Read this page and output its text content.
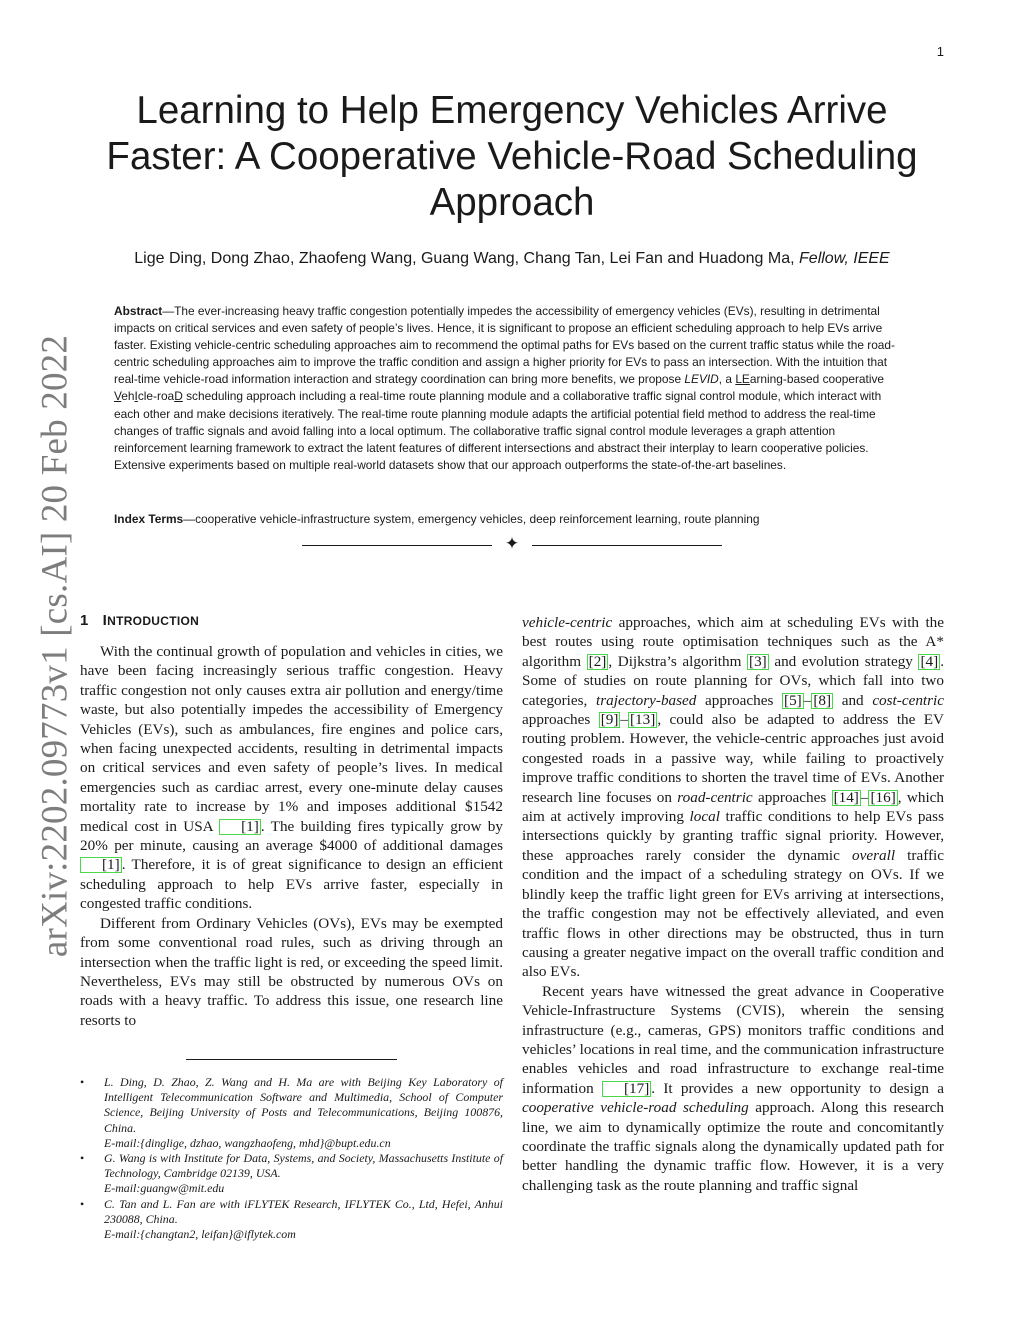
1
arXiv:2202.09773v1 [cs.AI] 20 Feb 2022
Learning to Help Emergency Vehicles Arrive Faster: A Cooperative Vehicle-Road Scheduling Approach
Lige Ding, Dong Zhao, Zhaofeng Wang, Guang Wang, Chang Tan, Lei Fan and Huadong Ma, Fellow, IEEE

Abstract—The ever-increasing heavy traffic congestion potentially impedes the accessibility of emergency vehicles (EVs), resulting in detrimental impacts on critical services and even safety of people’s lives. Hence, it is significant to propose an efficient scheduling approach to help EVs arrive faster. Existing vehicle-centric scheduling approaches aim to recommend the optimal paths for EVs based on the current traffic status while the road-centric scheduling approaches aim to improve the traffic condition and assign a higher priority for EVs to pass an intersection. With the intuition that real-time vehicle-road information interaction and strategy coordination can bring more benefits, we propose LEVID, a LEarning-based cooperative VehIcle-roaD scheduling approach including a real-time route planning module and a collaborative traffic signal control module, which interact with each other and make decisions iteratively. The real-time route planning module adapts the artificial potential field method to address the real-time changes of traffic signals and avoid falling into a local optimum. The collaborative traffic signal control module leverages a graph attention reinforcement learning framework to extract the latent features of different intersections and abstract their interplay to learn cooperative policies. Extensive experiments based on multiple real-world datasets show that our approach outperforms the state-of-the-art baselines.

Index Terms—cooperative vehicle-infrastructure system, emergency vehicles, deep reinforcement learning, route planning

✦
1 INTRODUCTION

With the continual growth of population and vehicles in cities, we have been facing increasingly serious traffic congestion. Heavy traffic congestion not only causes extra air pollution and energy/time waste, but also potentially impedes the accessibility of Emergency Vehicles (EVs), such as ambulances, fire engines and police cars, when facing unexpected accidents, resulting in detrimental impacts on critical services and even safety of people’s lives. In medical emergencies such as cardiac arrest, every one-minute delay causes mortality rate to increase by 1% and imposes additional $1542 medical cost in USA [1] . The building fires typically grow by 20% per minute, causing an average $4000 of additional damages [1] . Therefore, it is of great significance to design an efficient scheduling approach to help EVs arrive faster, especially in congested traffic conditions.

Different from Ordinary Vehicles (OVs), EVs may be exempted from some conventional road rules, such as driving through an intersection when the traffic light is red, or exceeding the speed limit. Nevertheless, EVs may still be obstructed by numerous OVs on roads with a heavy traffic. To address this issue, one research line resorts to

• L. Ding, D. Zhao, Z. Wang and H. Ma are with Beijing Key Laboratory of Intelligent Telecommunication Software and Multimedia, School of Computer Science, Beijing University of Posts and Telecommunications, Beijing 100876, China.
E-mail:{dinglige, dzhao, wangzhaofeng, mhd}@bupt.edu.cn
• G. Wang is with Institute for Data, Systems, and Society, Massachusetts Institute of Technology, Cambridge 02139, USA.
E-mail:guangw@mit.edu
• C. Tan and L. Fan are with iFLYTEK Research, IFLYTEK Co., Ltd, Hefei, Anhui 230088, China.
E-mail:{changtan2, leifan}@iflytek.com

vehicle-centric approaches, which aim at scheduling EVs with the best routes using route optimisation techniques such as the A* algorithm [2] , Dijkstra’s algorithm [3] and evolution strategy [4] . Some of studies on route planning for OVs, which fall into two categories, trajectory-based approaches [5] – [8] and cost-centric approaches [9] – [13] , could also be adapted to address the EV routing problem. However, the vehicle-centric approaches just avoid congested roads in a passive way, while failing to proactively improve traffic conditions to shorten the travel time of EVs. Another research line focuses on road-centric approaches [14] – [16] , which aim at actively improving local traffic conditions to help EVs pass intersections quickly by granting traffic signal priority. However, these approaches rarely consider the dynamic overall traffic condition and the impact of a scheduling strategy on OVs. If we blindly keep the traffic light green for EVs arriving at intersections, the traffic congestion may not be effectively alleviated, and even traffic flows in other directions may be obstructed, thus in turn causing a greater negative impact on the overall traffic condition and also EVs.

Recent years have witnessed the great advance in Cooperative Vehicle-Infrastructure Systems (CVIS), wherein the sensing infrastructure (e.g., cameras, GPS) monitors traffic conditions and vehicles’ locations in real time, and the communication infrastructure enables vehicles and road infrastructure to exchange real-time information [17] . It provides a new opportunity to design a cooperative vehicle-road scheduling approach. Along this research line, we aim to dynamically optimize the route and concomitantly coordinate the traffic signals along the dynamically updated path for better handling the dynamic traffic flow. However, it is a very challenging task as the route planning and traffic signal
